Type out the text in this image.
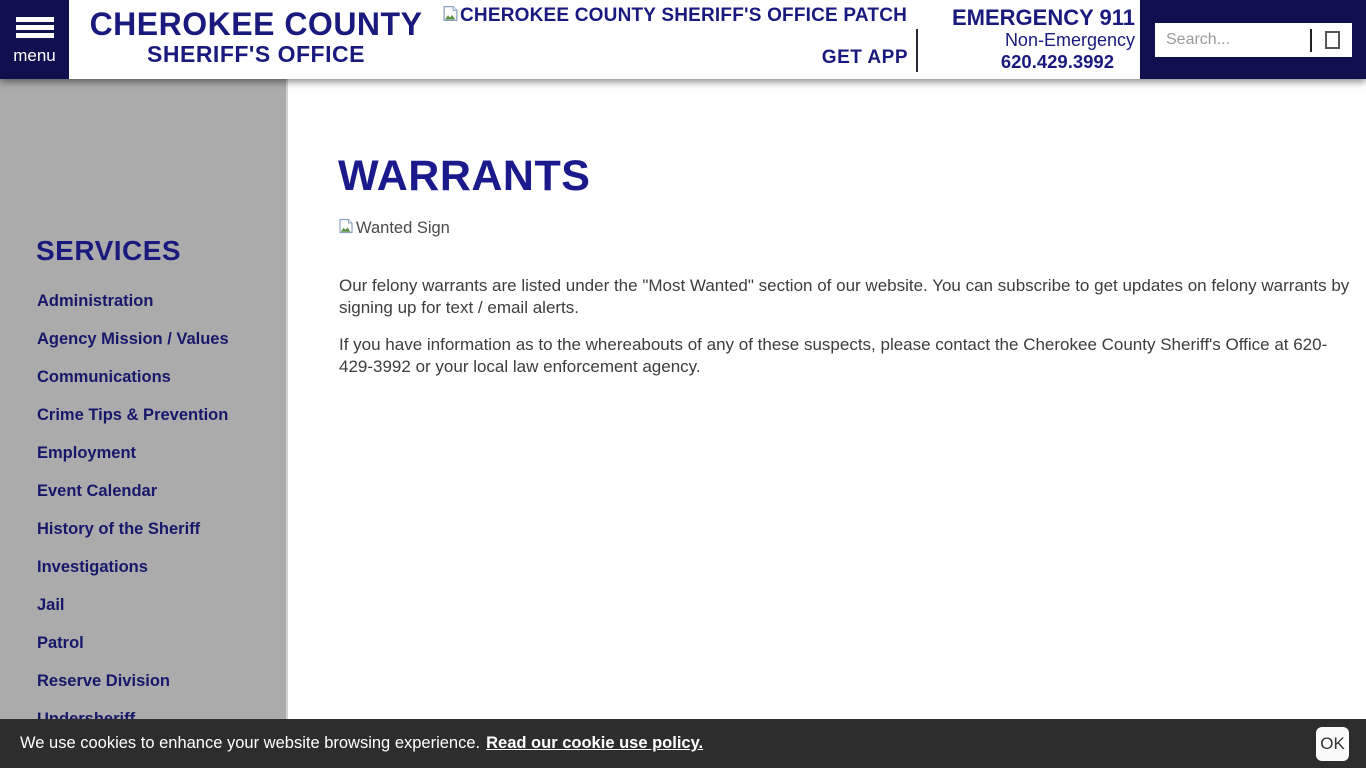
menu
CHEROKEE COUNTY
SHERIFF'S OFFICE
CHEROKEE COUNTY SHERIFF'S OFFICE PATCH
GET APP
EMERGENCY 911
Non-Emergency
620.429.3992
Search...
SERVICES
Administration
Agency Mission / Values
Communications
Crime Tips & Prevention
Employment
Event Calendar
History of the Sheriff
Investigations
Jail
Patrol
Reserve Division
WARRANTS
Wanted Sign

Our felony warrants are listed under the "Most Wanted" section of our website. You can subscribe to get updates on felony warrants by signing up for text / email alerts.

If you have information as to the whereabouts of any of these suspects, please contact the Cherokee County Sheriff's Office at 620-429-3992 or your local law enforcement agency.

We use cookies to enhance your website browsing experience. Read our cookie use policy.	OK
